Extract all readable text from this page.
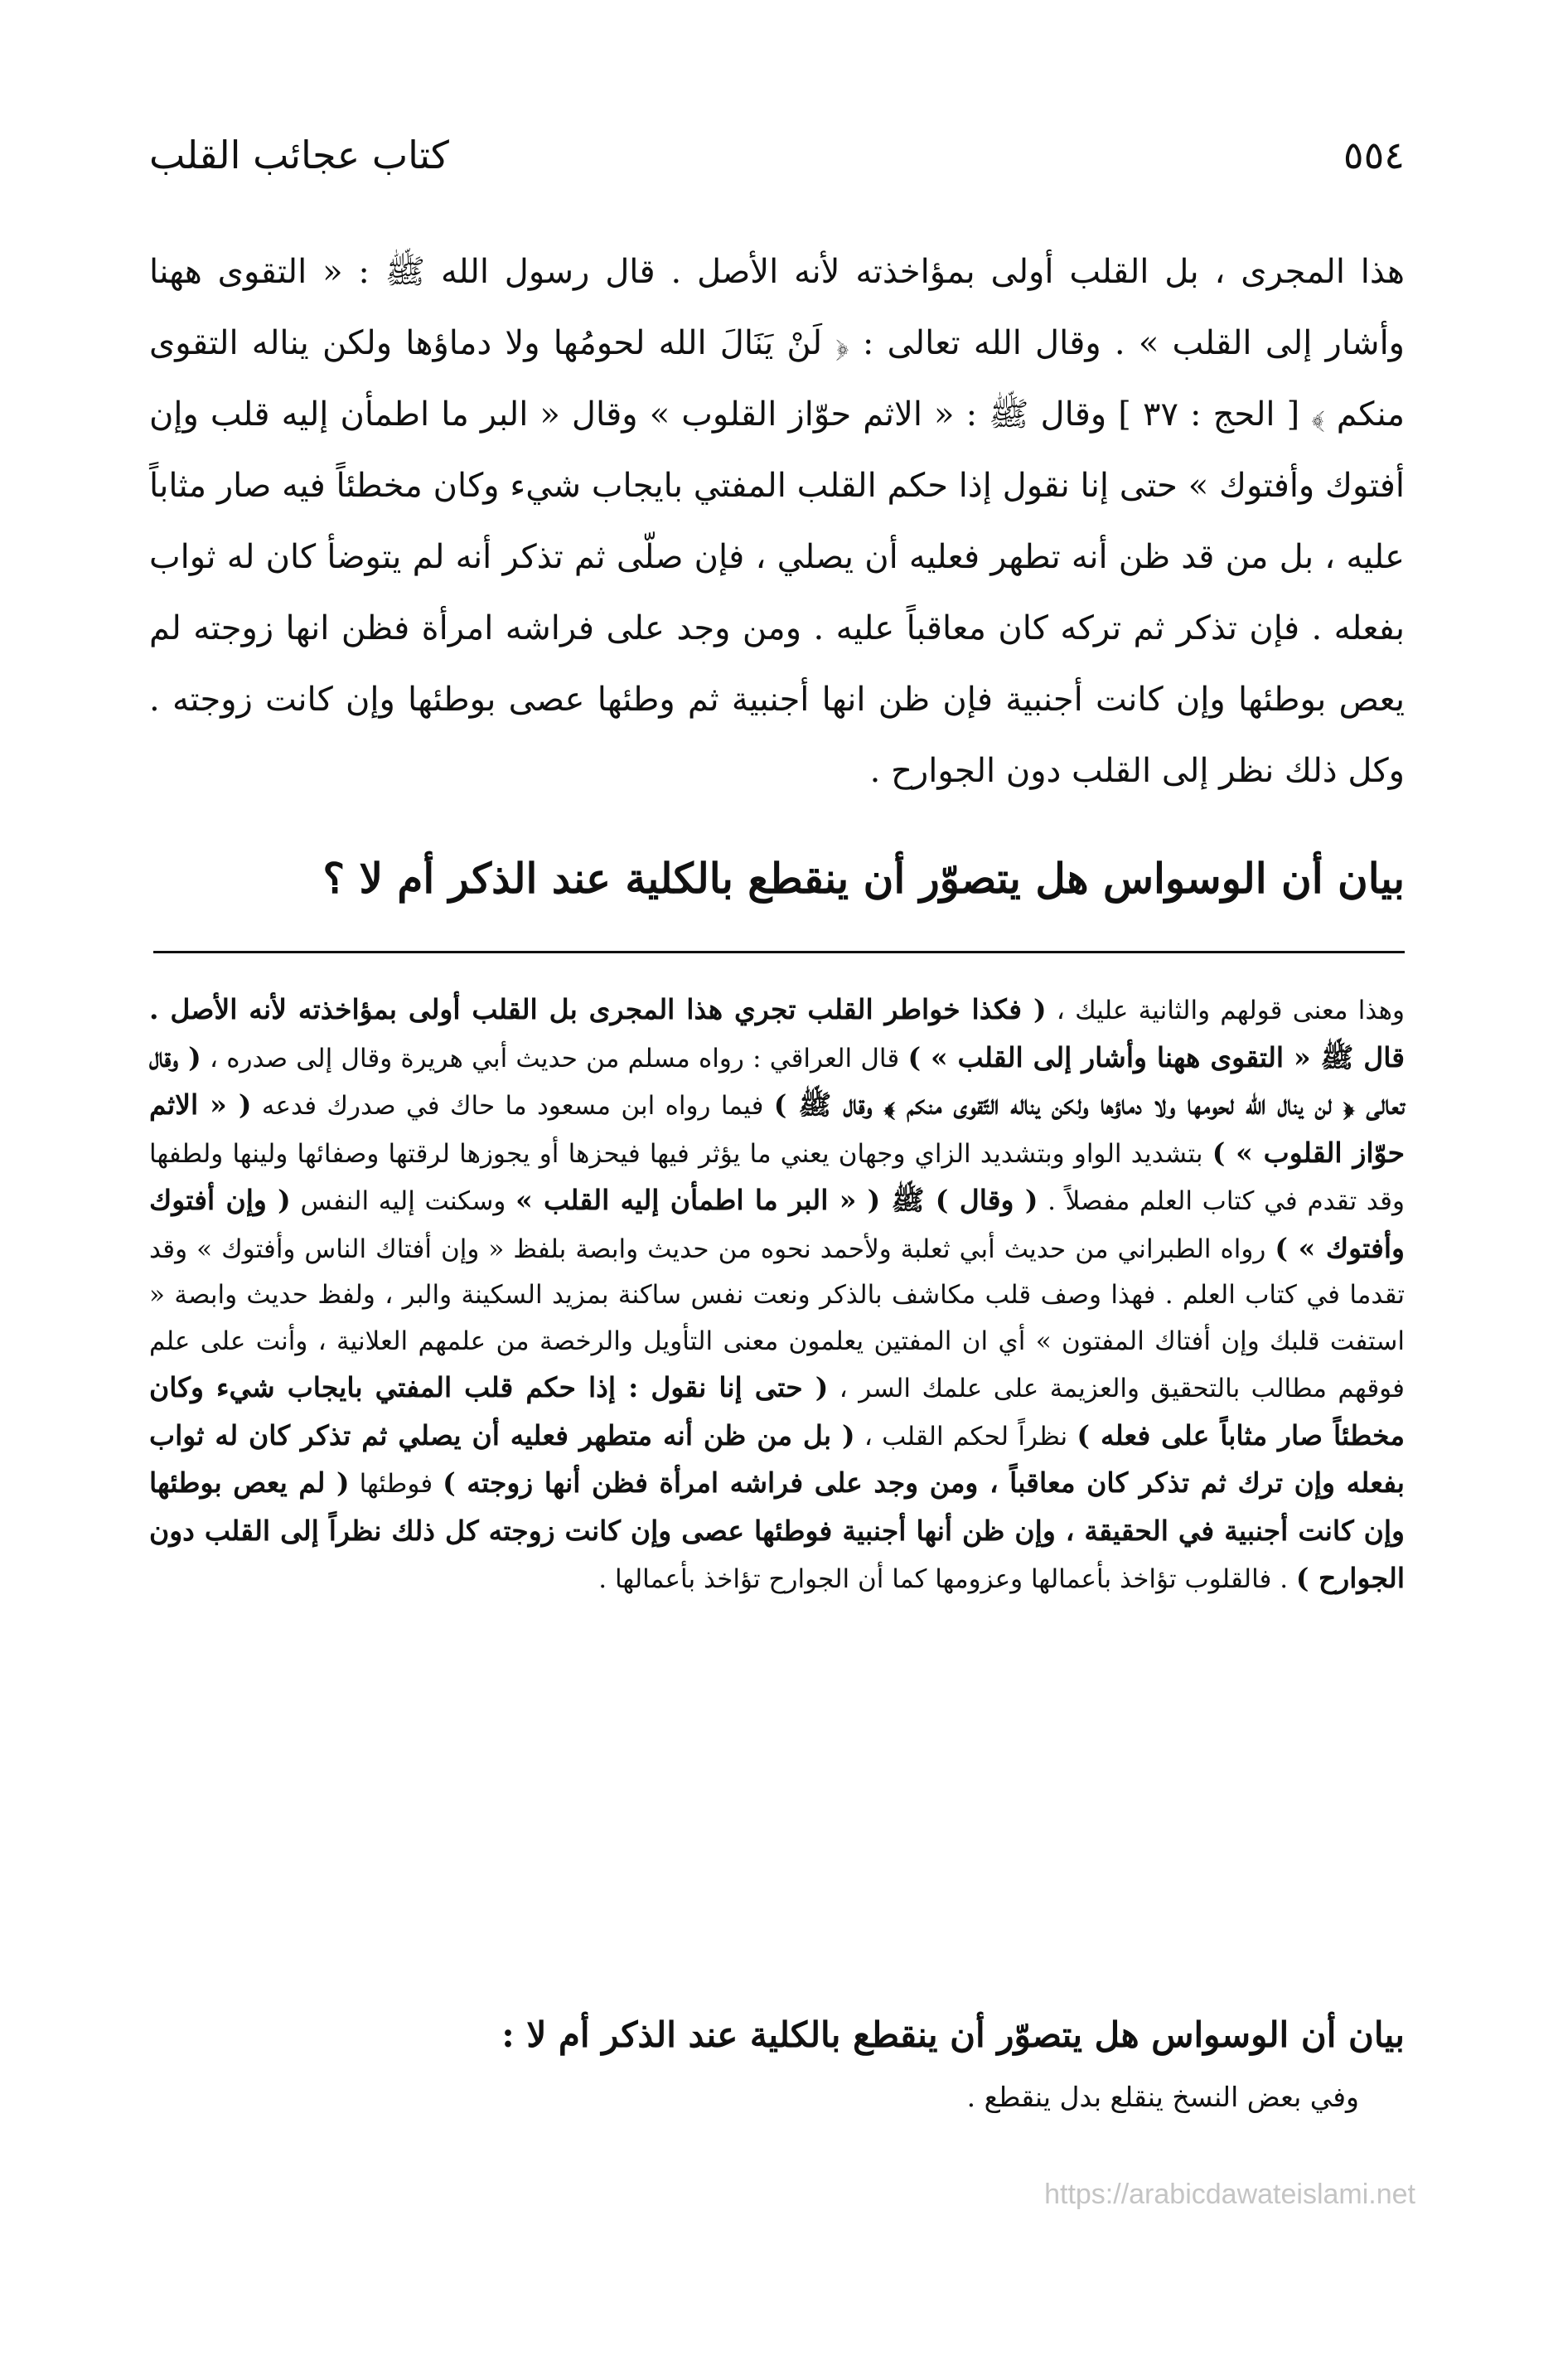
٥٥٤
كتاب عجائب القلب
هذا المجرى ، بل القلب أولى بمؤاخذته لأنه الأصل . قال رسول الله ﷺ : « التقوى ههنا وأشار إلى القلب » . وقال الله تعالى : ﴿ لَنْ يَنَالَ الله لحومُها ولا دماؤها ولكن يناله التقوى منكم ﴾ [ الحج : ٣٧ ] وقال ﷺ : « الاثم حوّاز القلوب » وقال « البر ما اطمأن إليه قلب وإن أفتوك وأفتوك » حتى إنا نقول إذا حكم القلب المفتي بايجاب شيء وكان مخطئاً فيه صار مثاباً عليه ، بل من قد ظن أنه تطهر فعليه أن يصلي ، فإن صلّى ثم تذكر أنه لم يتوضأ كان له ثواب بفعله . فإن تذكر ثم تركه كان معاقباً عليه . ومن وجد على فراشه امرأة فظن انها زوجته لم يعص بوطئها وإن كانت أجنبية فإن ظن انها أجنبية ثم وطئها عصى بوطئها وإن كانت زوجته . وكل ذلك نظر إلى القلب دون الجوارح .
بيان أن الوسواس هل يتصوّر أن ينقطع بالكلية عند الذكر أم لا ؟
وهذا معنى قولهم والثانية عليك ، ( فكذا خواطر القلب تجري هذا المجرى بل القلب أولى بمؤاخذته لأنه الأصل . قال ﷺ « التقوى ههنا وأشار إلى القلب » ) قال العراقي : رواه مسلم من حديث أبي هريرة وقال إلى صدره ، ( وقال تعالى ﴿ لن ينال الله لحومها ولا دماؤها ولكن يناله التّقوى منكم ﴾ وقال ﷺ ) فيما رواه ابن مسعود ما حاك في صدرك فدعه ( « الاثم حوّاز القلوب » ) بتشديد الواو وبتشديد الزاي وجهان يعني ما يؤثر فيها فيحزها أو يجوزها لرقتها وصفائها ولينها ولطفها وقد تقدم في كتاب العلم مفصلاً . ( وقال ) ﷺ ( « البر ما اطمأن إليه القلب » وسكنت إليه النفس ( وإن أفتوك وأفتوك » ) رواه الطبراني من حديث أبي ثعلبة ولأحمد نحوه من حديث وابصة بلفظ « وإن أفتاك الناس وأفتوك » وقد تقدما في كتاب العلم . فهذا وصف قلب مكاشف بالذكر ونعت نفس ساكنة بمزيد السكينة والبر ، ولفظ حديث وابصة « استفت قلبك وإن أفتاك المفتون » أي ان المفتين يعلمون معنى التأويل والرخصة من علمهم العلانية ، وأنت على علم فوقهم مطالب بالتحقيق والعزيمة على علمك السر ، ( حتى إنا نقول : إذا حكم قلب المفتي بايجاب شيء وكان مخطئاً صار مثاباً على فعله ) نظراً لحكم القلب ، ( بل من ظن أنه متطهر فعليه أن يصلي ثم تذكر كان له ثواب بفعله وإن ترك ثم تذكر كان معاقباً ، ومن وجد على فراشه امرأة فظن أنها زوجته ) فوطئها ( لم يعص بوطئها وإن كانت أجنبية في الحقيقة ، وإن ظن أنها أجنبية فوطئها عصى وإن كانت زوجته كل ذلك نظراً إلى القلب دون الجوارح ) . فالقلوب تؤاخذ بأعمالها وعزومها كما أن الجوارح تؤاخذ بأعمالها .
بيان أن الوسواس هل يتصوّر أن ينقطع بالكلية عند الذكر أم لا :
وفي بعض النسخ ينقلع بدل ينقطع .
https://arabicdawateislami.net
